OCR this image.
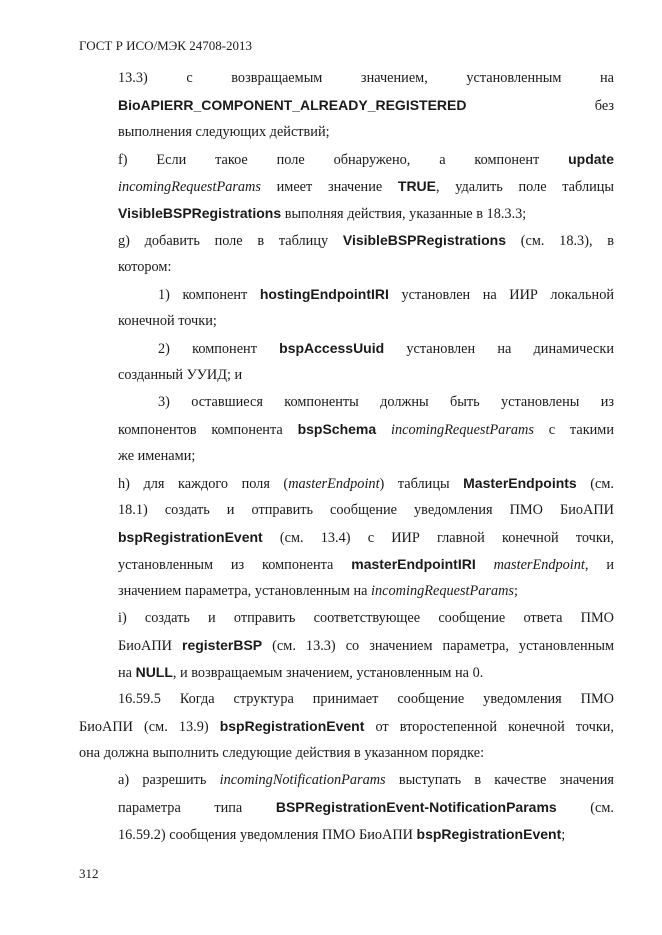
ГОСТ Р ИСО/МЭК 24708-2013
13.3) с возвращаемым значением, установленным на
BioAPIERR_COMPONENT_ALREADY_REGISTERED без
выполнения следующих действий;
f) Если такое поле обнаружено, а компонент update
incomingRequestParams имеет значение TRUE, удалить поле таблицы
VisibleBSPRegistrations выполняя действия, указанные в 18.3.3;
g) добавить поле в таблицу VisibleBSPRegistrations (см. 18.3), в
котором:
1) компонент hostingEndpointIRI установлен на ИИР локальной
конечной точки;
2) компонент bspAccessUuid установлен на динамически
созданный УУИД; и
3) оставшиеся компоненты должны быть установлены из
компонентов компонента bspSchema incomingRequestParams с такими
же именами;
h) для каждого поля (masterEndpoint) таблицы MasterEndpoints (см.
18.1) создать и отправить сообщение уведомления ПМО БиоАПИ
bspRegistrationEvent (см. 13.4) с ИИР главной конечной точки,
установленным из компонента masterEndpointIRI masterEndpoint, и
значением параметра, установленным на incomingRequestParams;
i) создать и отправить соответствующее сообщение ответа ПМО
БиоАПИ registerBSP (см. 13.3) со значением параметра, установленным
на NULL, и возвращаемым значением, установленным на 0.
16.59.5 Когда структура принимает сообщение уведомления ПМО
БиоАПИ (см. 13.9) bspRegistrationEvent от второстепенной конечной точки,
она должна выполнить следующие действия в указанном порядке:
a) разрешить incomingNotificationParams выступать в качестве значения
параметра типа BSPRegistrationEvent-NotificationParams (см.
16.59.2) сообщения уведомления ПМО БиоАПИ bspRegistrationEvent;
312
